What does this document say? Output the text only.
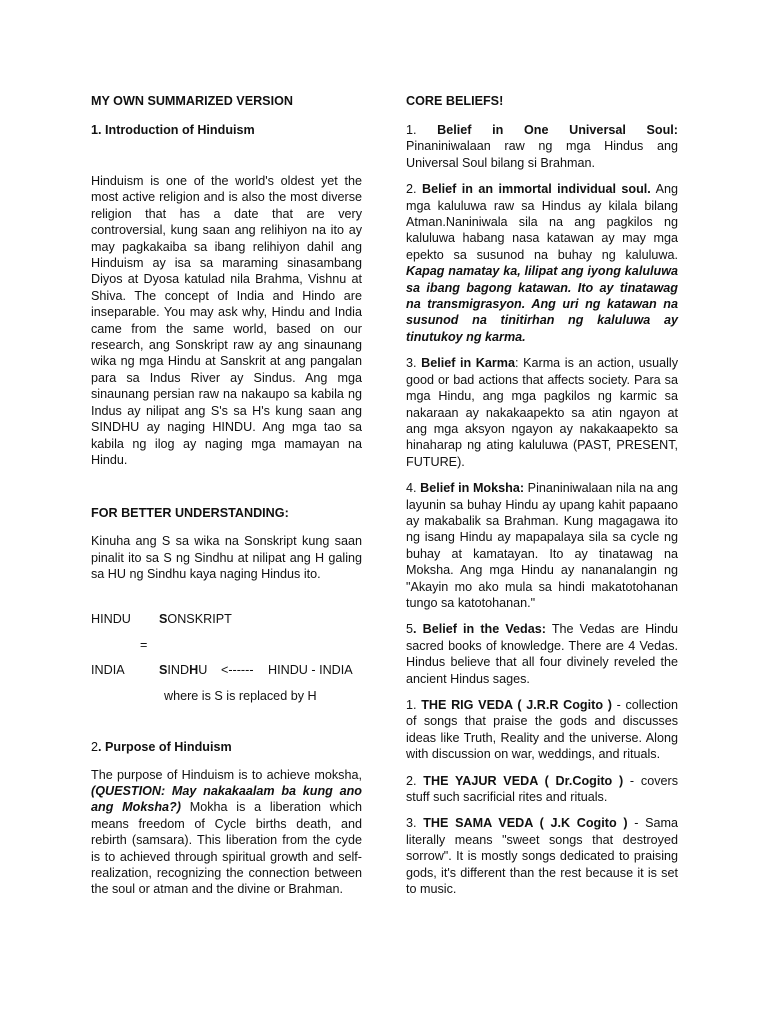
MY OWN SUMMARIZED VERSION
1. Introduction of Hinduism

Hinduism is one of the world's oldest yet the most active religion and is also the most diverse religion that has a date that are very controversial, kung saan ang relihiyon na ito ay may pagkakaiba sa ibang relihiyon dahil ang Hinduism ay isa sa maraming sinasambang Diyos at Dyosa katulad nila Brahma, Vishnu at Shiva. The concept of India and Hindo are inseparable. You may ask why, Hindu and India came from the same world, based on our research, ang Sonskript raw ay ang sinaunang wika ng mga Hindu at Sanskrit at ang pangalan para sa Indus River ay Sindus. Ang mga sinaunang persian raw na nakaupo sa kabila ng Indus ay nilipat ang S's sa H's kung saan ang SINDHU ay naging HINDU. Ang mga tao sa kabila ng ilog ay naging mga mamayan na Hindu.

FOR BETTER UNDERSTANDING:

Kinuha ang S sa wika na Sonskript kung saan pinalit ito sa S ng Sindhu at nilipat ang H galing sa HU ng Sindhu kaya naging Hindus ito.

HINDU SONSKRIPT
=
INDIA	SINDHU <------ HINDU - INDIA
where is S is replaced by H
2. Purpose of Hinduism

The purpose of Hinduism is to achieve moksha, (QUESTION: May nakakaalam ba kung ano ang Moksha?) Mokha is a liberation which means freedom of Cycle births death, and rebirth (samsara). This liberation from the cyde is to achieved through spiritual growth and self-realization, recognizing the connection between the soul or atman and the divine or Brahman.

CORE BELIEFS!

1. Belief in One Universal Soul: Pinaniniwalaan raw ng mga Hindus ang Universal Soul bilang si Brahman.

2. Belief in an immortal individual soul. Ang mga kaluluwa raw sa Hindus ay kilala bilang Atman.Naniniwala sila na ang pagkilos ng kaluluwa habang nasa katawan ay may mga epekto sa susunod na buhay ng kaluluwa. Kapag namatay ka, lilipat ang iyong kaluluwa sa ibang bagong katawan. Ito ay tinatawag na transmigrasyon. Ang uri ng katawan na susunod na tinitirhan ng kaluluwa ay tinutukoy ng karma.

3. Belief in Karma: Karma is an action, usually good or bad actions that affects society. Para sa mga Hindu, ang mga pagkilos ng karmic sa nakaraan ay nakakaapekto sa atin ngayon at ang mga aksyon ngayon ay nakakaapekto sa hinaharap ng ating kaluluwa (PAST, PRESENT, FUTURE).

4. Belief in Moksha: Pinaniniwalaan nila na ang layunin sa buhay Hindu ay upang kahit papaano ay makabalik sa Brahman. Kung magagawa ito ng isang Hindu ay mapapalaya sila sa cycle ng buhay at kamatayan. Ito ay tinatawag na Moksha. Ang mga Hindu ay nananalangin ng "Akayin mo ako mula sa hindi makatotohanan tungo sa katotohanan."

5. Belief in the Vedas: The Vedas are Hindu sacred books of knowledge. There are 4 Vedas. Hindus believe that all four divinely reveled the ancient Hindus sages.

1. THE RIG VEDA ( J.R.R Cogito ) - collection of songs that praise the gods and discusses ideas like Truth, Reality and the universe. Along with discussion on war, weddings, and rituals.

2. THE YAJUR VEDA ( Dr.Cogito ) - covers stuff such sacrificial rites and rituals.

3. THE SAMA VEDA ( J.K Cogito ) - Sama literally means "sweet songs that destroyed sorrow". It is mostly songs dedicated to praising gods, it's different than the rest because it is set to music.
